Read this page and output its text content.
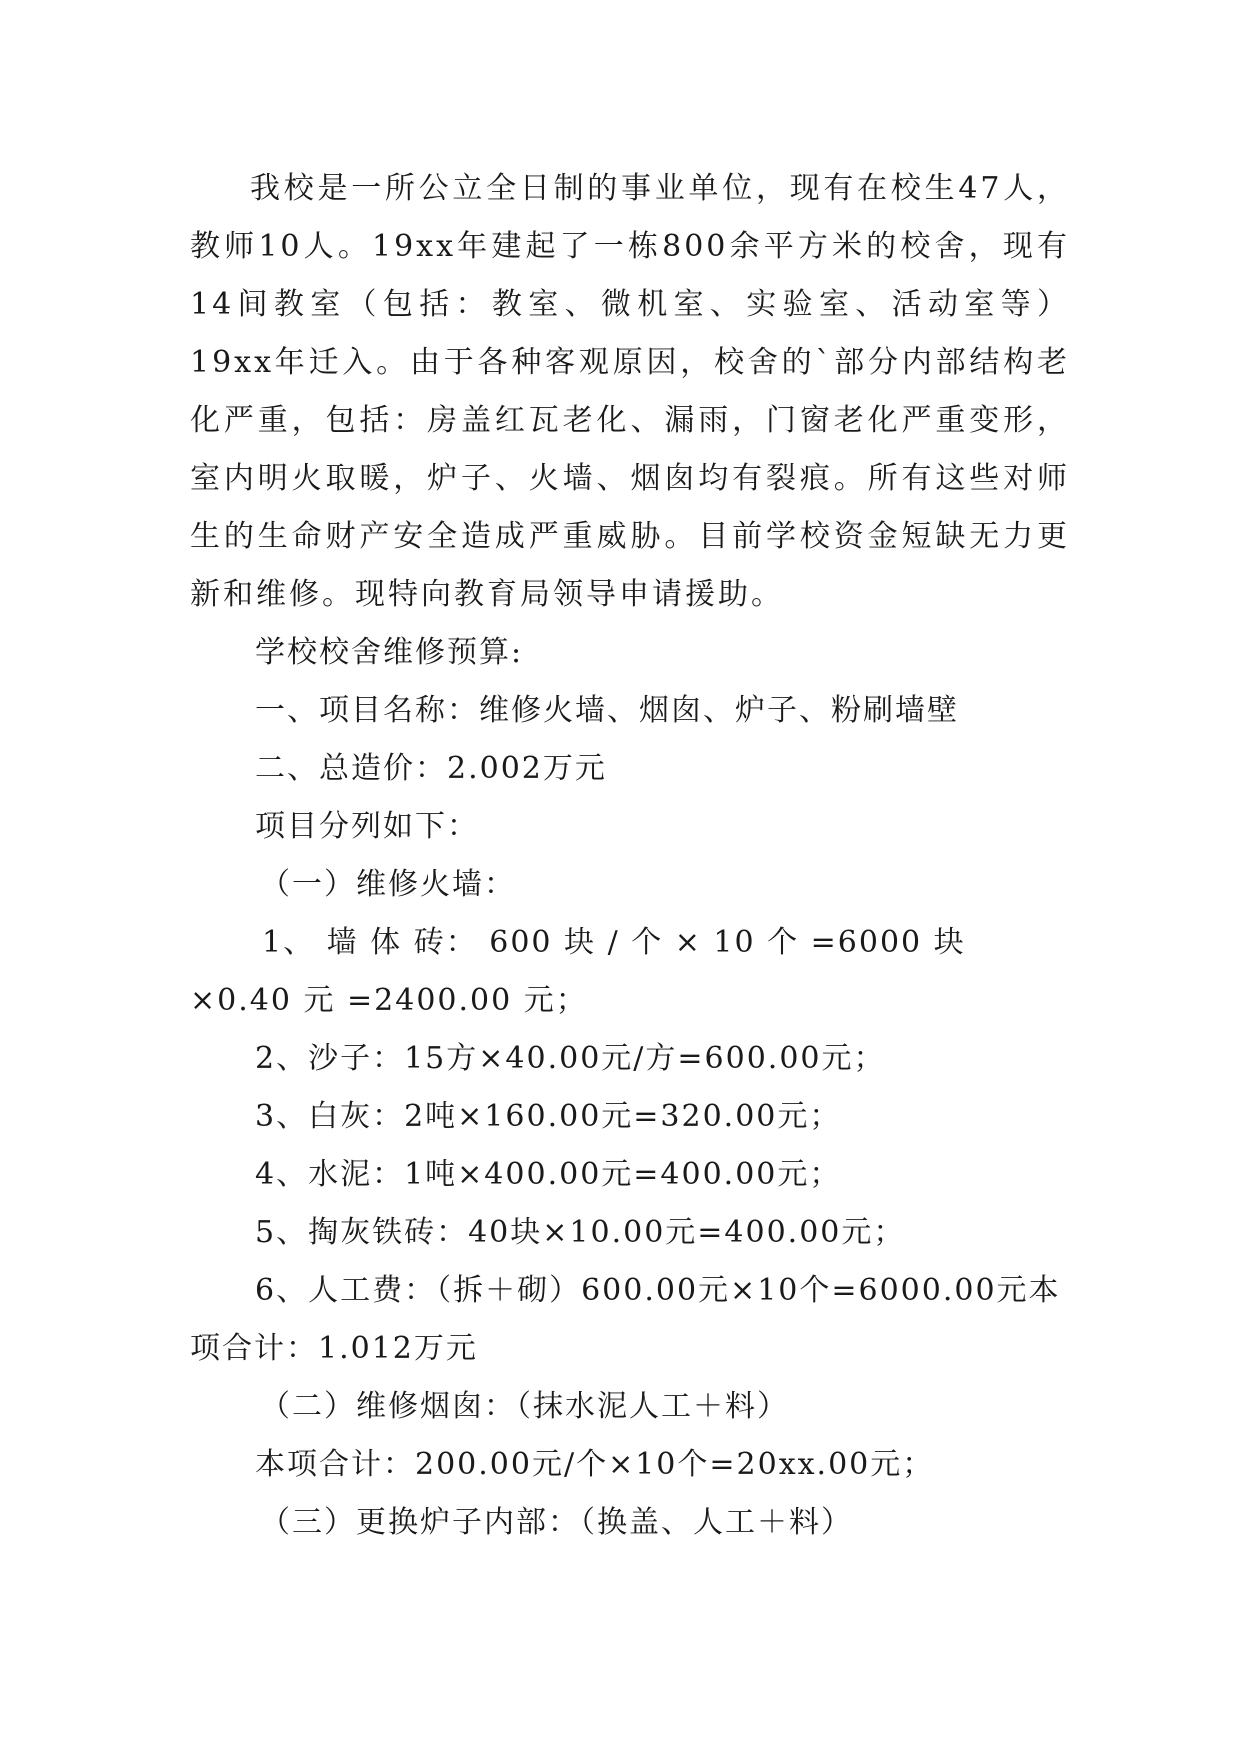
我校是一所公立全日制的事业单位，现有在校生47人，教师10人。19xx年建起了一栋800余平方米的校舍，现有14间教室（包括：教室、微机室、实验室、活动室等）19xx年迁入。由于各种客观原因，校舍的`部分内部结构老化严重，包括：房盖红瓦老化、漏雨，门窗老化严重变形，室内明火取暖，炉子、火墙、烟囱均有裂痕。所有这些对师生的生命财产安全造成严重威胁。目前学校资金短缺无力更新和维修。现特向教育局领导申请援助。

学校校舍维修预算:

一、项目名称：维修火墙、烟囱、炉子、粉刷墙壁

二、总造价：2.002万元

项目分列如下：

（一）维修火墙：

1、 墙 体 砖： 600 块 / 个 × 10 个 =6000 块 ×0.40 元 =2400.00 元；

2、沙子：15方×40.00元/方=600.00元；

3、白灰：2吨×160.00元=320.00元；

4、水泥：1吨×400.00元=400.00元；

5、掏灰铁砖：40块×10.00元=400.00元；

6、人工费：（拆＋砌）600.00元×10个=6000.00元本项合计：1.012万元

（二）维修烟囱：（抹水泥人工＋料）

本项合计：200.00元/个×10个=20xx.00元；

（三）更换炉子内部：（换盖、人工＋料）
